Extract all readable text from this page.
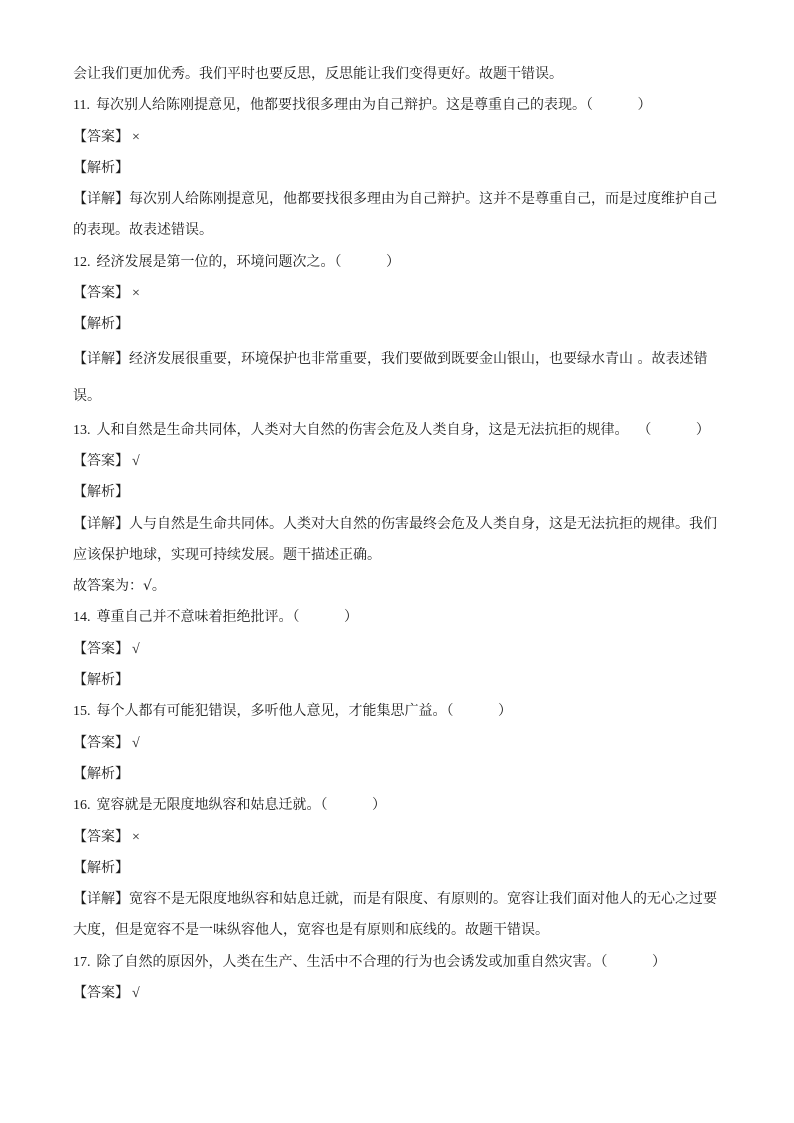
会让我们更加优秀。我们平时也要反思，反思能让我们变得更好。故题干错误。
11. 每次别人给陈刚提意见，他都要找很多理由为自己辩护。这是尊重自己的表现。（          ）
【答案】 ×
【解析】
【详解】每次别人给陈刚提意见，他都要找很多理由为自己辩护。这并不是尊重自己，而是过度维护自己
的表现。故表述错误。
12. 经济发展是第一位的，环境问题次之。（          ）
【答案】 ×
【解析】
【详解】经济发展很重要，环境保护也非常重要，我们要做到既要金山银山，也要绿水青山 。故表述错
误。
13. 人和自然是生命共同体，人类对大自然的伤害会危及人类自身，这是无法抗拒的规律。  （          ）
【答案】 √
【解析】
【详解】人与自然是生命共同体。人类对大自然的伤害最终会危及人类自身，这是无法抗拒的规律。我们
应该保护地球，实现可持续发展。题干描述正确。
故答案为：√。
14. 尊重自己并不意味着拒绝批评。（          ）
【答案】 √
【解析】
15. 每个人都有可能犯错误，多听他人意见，才能集思广益。（          ）
【答案】 √
【解析】
16. 宽容就是无限度地纵容和姑息迁就。（          ）
【答案】 ×
【解析】
【详解】宽容不是无限度地纵容和姑息迁就，而是有限度、有原则的。宽容让我们面对他人的无心之过要
大度，但是宽容不是一味纵容他人，宽容也是有原则和底线的。故题干错误。
17. 除了自然的原因外，人类在生产、生活中不合理的行为也会诱发或加重自然灾害。（          ）
【答案】 √
